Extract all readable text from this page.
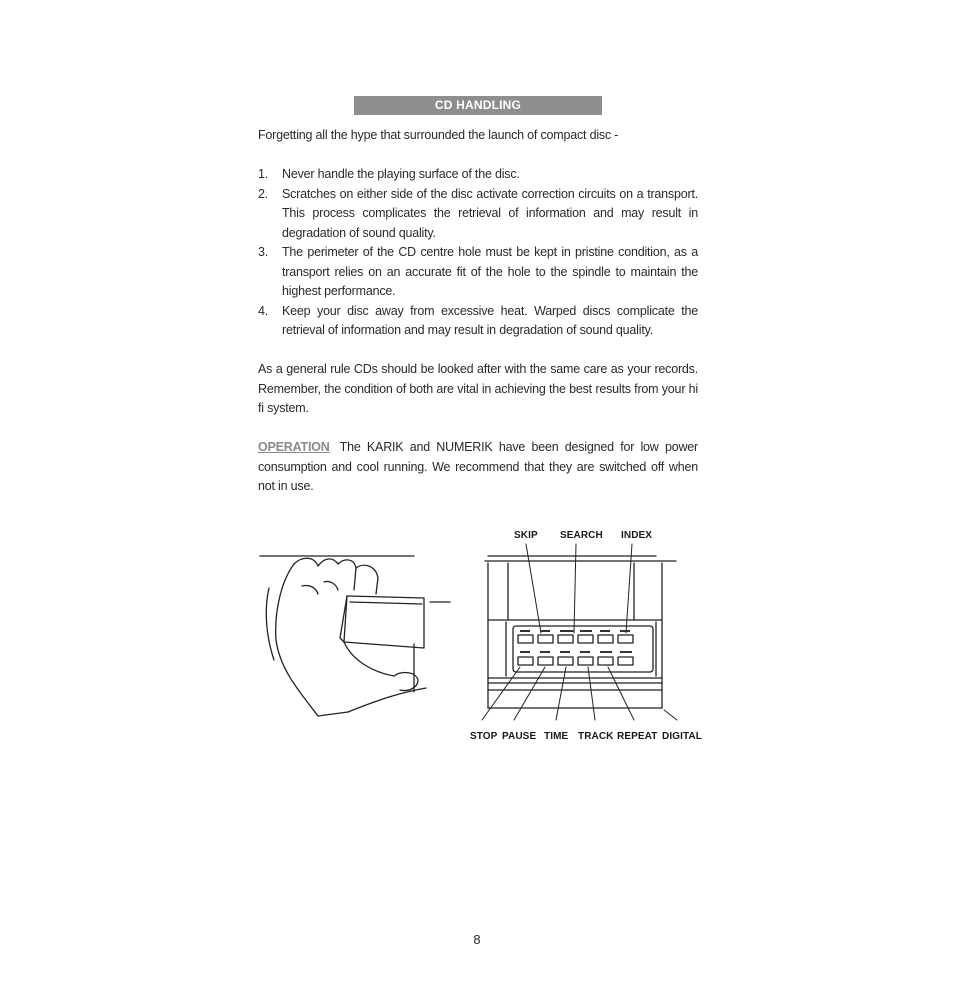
CD HANDLING

Forgetting all the hype that surrounded the launch of compact disc -

1. Never handle the playing surface of the disc.
2. Scratches on either side of the disc activate correction circuits on a transport. This process complicates the retrieval of information and may result in degradation of sound quality.
3. The perimeter of the CD centre hole must be kept in pristine condition, as a transport relies on an accurate fit of the hole to the spindle to maintain the highest performance.
4. Keep your disc away from excessive heat. Warped discs complicate the retrieval of information and may result in degradation of sound quality.

As a general rule CDs should be looked after with the same care as your records. Remember, the condition of both are vital in achieving the best results from your hi fi system.

OPERATION The KARIK and NUMERIK have been designed for low power consumption and cool running. We recommend that they are switched off when not in use.

SKIP SEARCH INDEX
STOP PAUSE TIME TRACK REPEAT DIGITAL
8
